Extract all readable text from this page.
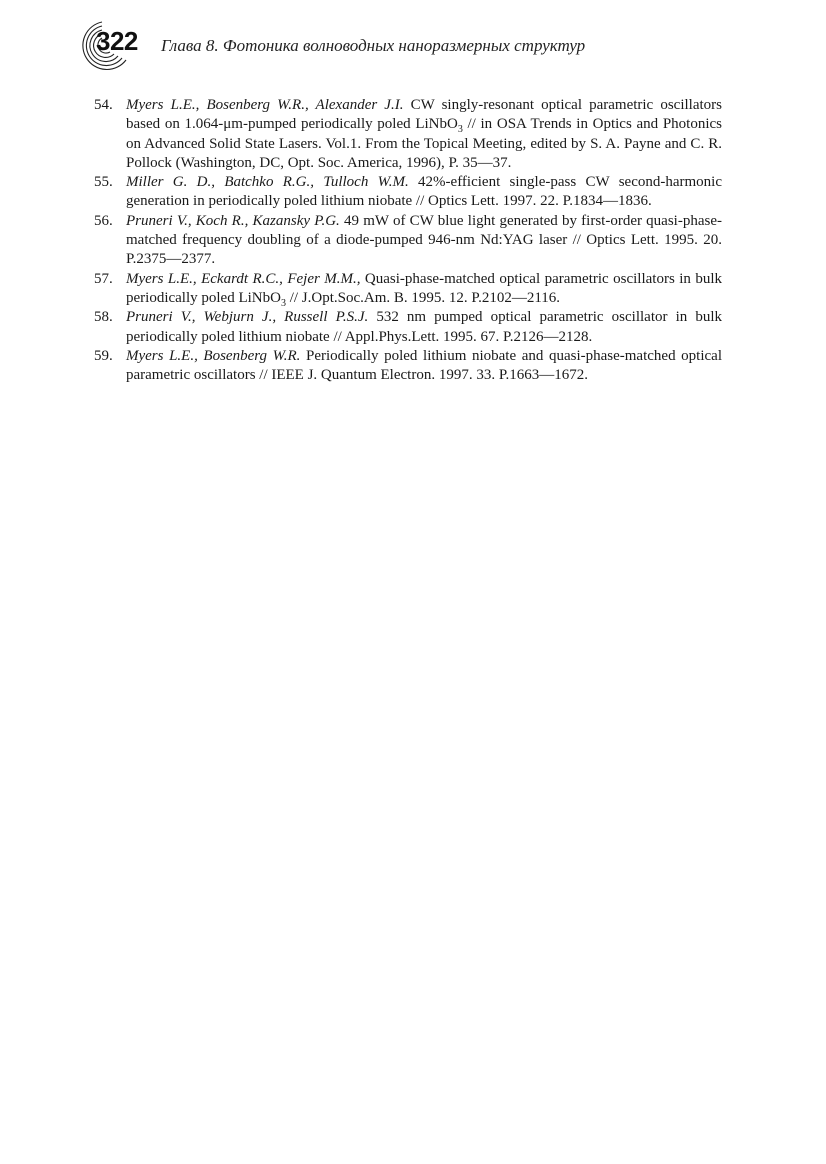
322 Глава 8. Фотоника волноводных наноразмерных структур
54. Myers L.E., Bosenberg W.R., Alexander J.I. CW singly-resonant optical parametric oscillators based on 1.064-μm-pumped periodically poled LiNbO$_3$ // in OSA Trends in Optics and Photonics on Advanced Solid State Lasers. Vol.1. From the Topical Meeting, edited by S. A. Payne and C. R. Pollock (Washington, DC, Opt. Soc. America, 1996), P. 35—37.
55. Miller G. D., Batchko R.G., Tulloch W.M. 42%-efficient single-pass CW second-harmonic generation in periodically poled lithium niobate // Optics Lett. 1997. 22. P.1834—1836.
56. Pruneri V., Koch R., Kazansky P.G. 49 mW of CW blue light generated by first-order quasi-phase-matched frequency doubling of a diode-pumped 946-nm Nd:YAG laser // Optics Lett. 1995. 20. P.2375—2377.
57. Myers L.E., Eckardt R.C., Fejer M.M., Quasi-phase-matched optical parametric oscillators in bulk periodically poled LiNbO$_3$ // J.Opt.Soc.Am. B. 1995. 12. P.2102—2116.
58. Pruneri V., Webjurn J., Russell P.S.J. 532 nm pumped optical parametric oscillator in bulk periodically poled lithium niobate // Appl.Phys.Lett. 1995. 67. P.2126—2128.
59. Myers L.E., Bosenberg W.R. Periodically poled lithium niobate and quasi-phase-matched optical parametric oscillators // IEEE J. Quantum Electron. 1997. 33. P.1663—1672.
